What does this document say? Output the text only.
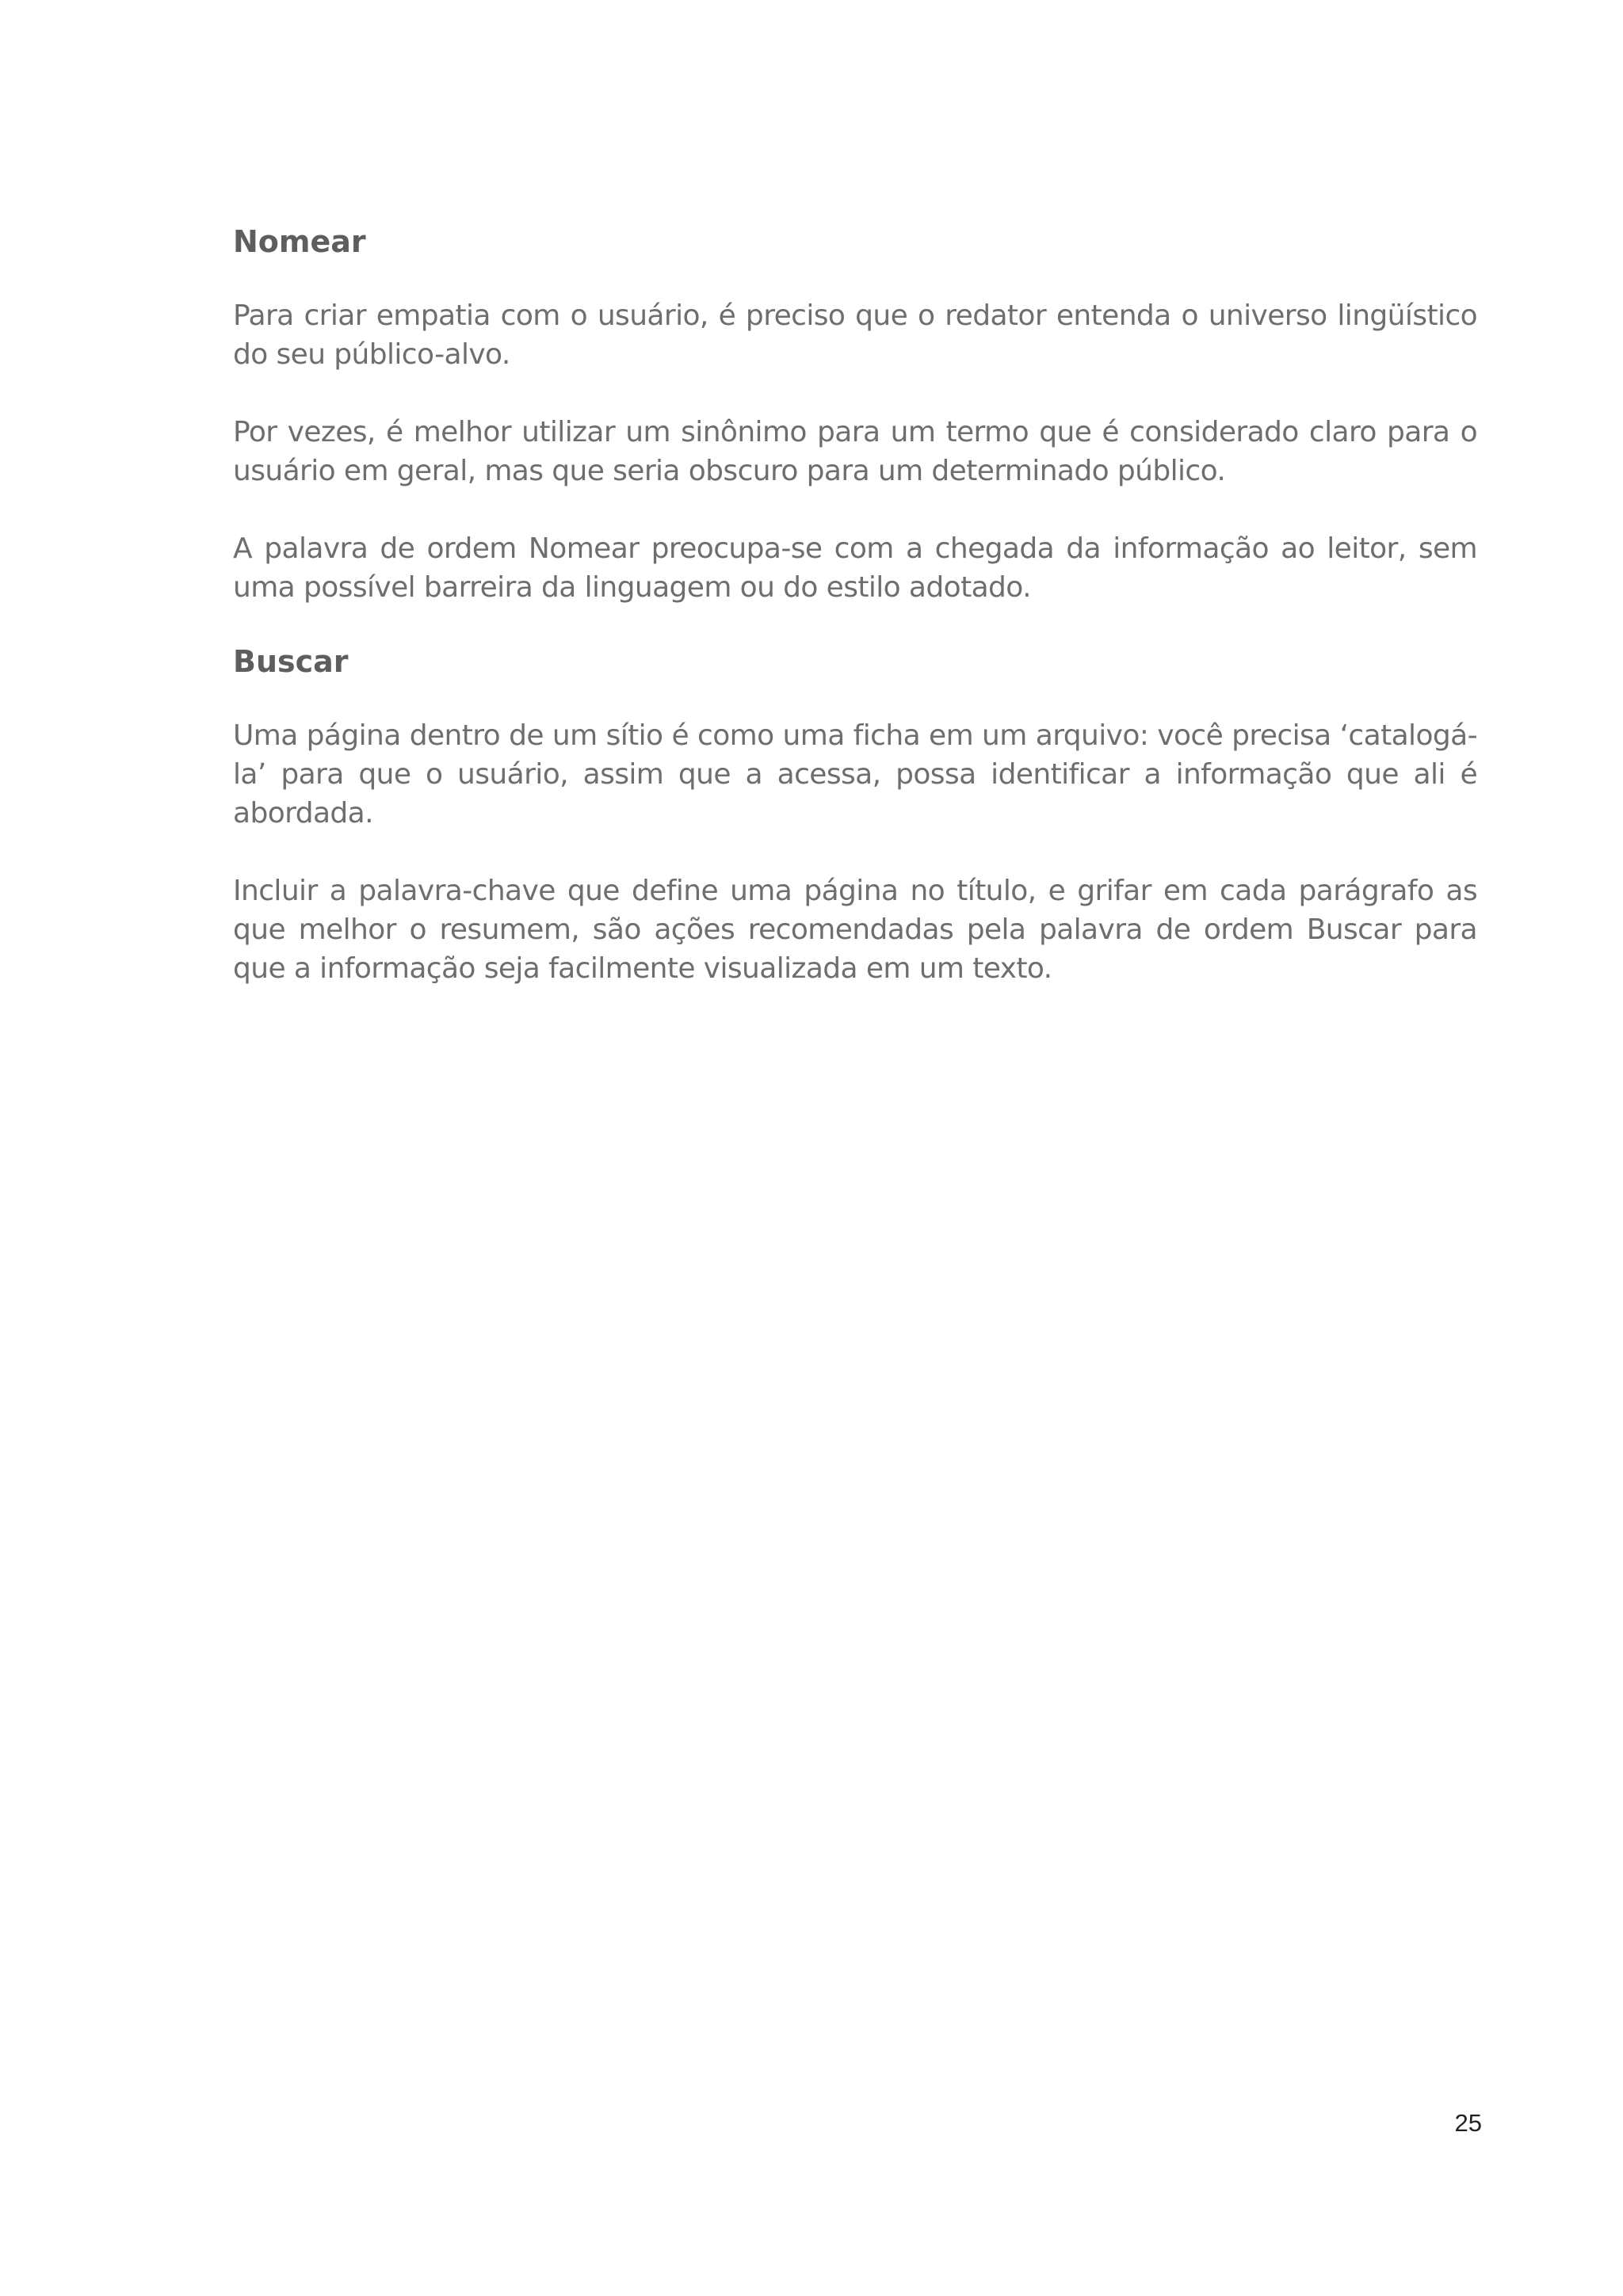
Nomear

Para criar empatia com o usuário, é preciso que o redator entenda o universo lingüístico do seu público-alvo.

Por vezes, é melhor utilizar um sinônimo para um termo que é considerado claro para o usuário em geral, mas que seria obscuro para um determinado público.

A palavra de ordem Nomear preocupa-se com a chegada da informação ao leitor, sem uma possível barreira da linguagem ou do estilo adotado.

Buscar

Uma página dentro de um sítio é como uma ficha em um arquivo: você precisa ‘catalogá-la’ para que o usuário, assim que a acessa, possa identificar a informação que ali é abordada.

Incluir a palavra-chave que define uma página no título, e grifar em cada parágrafo as que melhor o resumem, são ações recomendadas pela palavra de ordem Buscar para que a informação seja facilmente visualizada em um texto.

25
